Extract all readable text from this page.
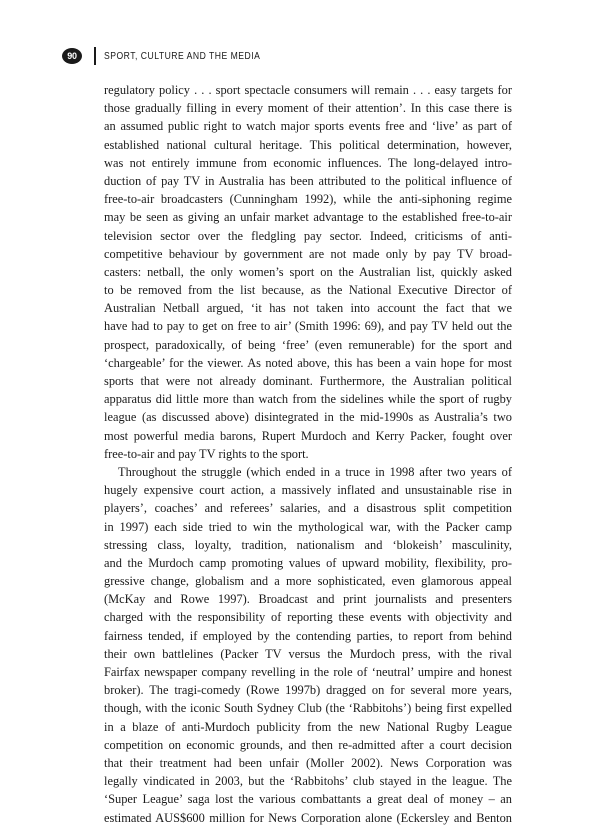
90	SPORT, CULTURE AND THE MEDIA
regulatory policy . . . sport spectacle consumers will remain . . . easy targets for
those gradually filling in every moment of their attention’. In this case there is
an assumed public right to watch major sports events free and ‘live’ as part of
established national cultural heritage. This political determination, however,
was not entirely immune from economic influences. The long-delayed intro-
duction of pay TV in Australia has been attributed to the political influence of
free-to-air broadcasters (Cunningham 1992), while the anti-siphoning regime
may be seen as giving an unfair market advantage to the established free-to-air
television sector over the fledgling pay sector. Indeed, criticisms of anti-
competitive behaviour by government are not made only by pay TV broad-
casters: netball, the only women’s sport on the Australian list, quickly asked
to be removed from the list because, as the National Executive Director of
Australian Netball argued, ‘it has not taken into account the fact that we
have had to pay to get on free to air’ (Smith 1996: 69), and pay TV held out the
prospect, paradoxically, of being ‘free’ (even remunerable) for the sport and
‘chargeable’ for the viewer. As noted above, this has been a vain hope for most
sports that were not already dominant. Furthermore, the Australian political
apparatus did little more than watch from the sidelines while the sport of rugby
league (as discussed above) disintegrated in the mid-1990s as Australia’s two
most powerful media barons, Rupert Murdoch and Kerry Packer, fought over
free-to-air and pay TV rights to the sport.
Throughout the struggle (which ended in a truce in 1998 after two years of
hugely expensive court action, a massively inflated and unsustainable rise in
players’, coaches’ and referees’ salaries, and a disastrous split competition
in 1997) each side tried to win the mythological war, with the Packer camp
stressing class, loyalty, tradition, nationalism and ‘blokeish’ masculinity,
and the Murdoch camp promoting values of upward mobility, flexibility, pro-
gressive change, globalism and a more sophisticated, even glamorous appeal
(McKay and Rowe 1997). Broadcast and print journalists and presenters
charged with the responsibility of reporting these events with objectivity and
fairness tended, if employed by the contending parties, to report from behind
their own battlelines (Packer TV versus the Murdoch press, with the rival
Fairfax newspaper company revelling in the role of ‘neutral’ umpire and honest
broker). The tragi-comedy (Rowe 1997b) dragged on for several more years,
though, with the iconic South Sydney Club (the ‘Rabbitohs’) being first expelled
in a blaze of anti-Murdoch publicity from the new National Rugby League
competition on economic grounds, and then re-admitted after a court decision
that their treatment had been unfair (Moller 2002). News Corporation was
legally vindicated in 2003, but the ‘Rabbitohs’ club stayed in the league. The
‘Super League’ saga lost the various combattants a great deal of money – an
estimated AUS$600 million for News Corporation alone (Eckersley and Benton
